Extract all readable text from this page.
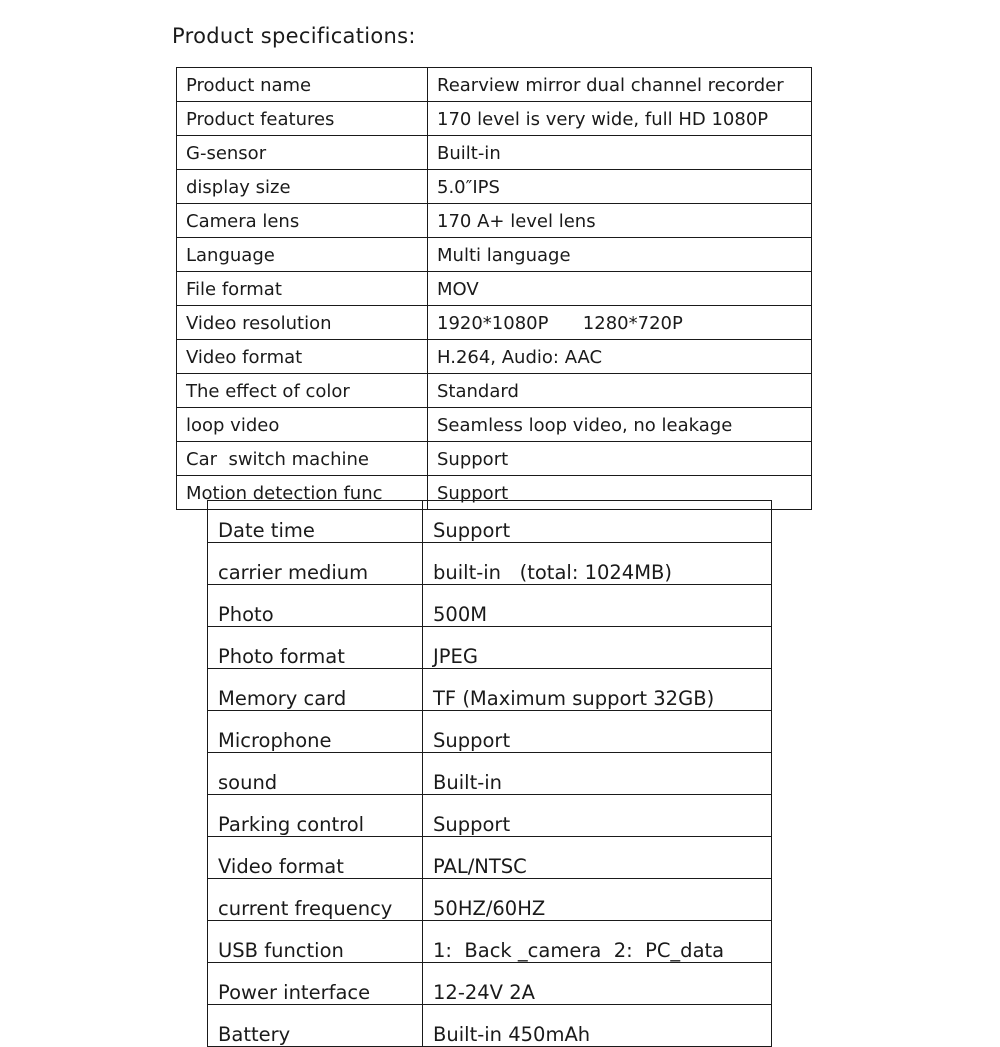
Product specifications:
Product name	Rearview mirror dual channel recorder
Product features	170 level is very wide, full HD 1080P
G-sensor	Built-in
display size	5.0″IPS
Camera lens	170 A+ level lens
Language	Multi language
File format	MOV
Video resolution	1920*1080P      1280*720P
Video format	H.264, Audio: AAC
The effect of color	Standard
loop video	Seamless loop video, no leakage
Car  switch machine	Support
Motion detection func	Support
Date time	Support
carrier medium	built-in   (total: 1024MB)
Photo	500M
Photo format	JPEG
Memory card	TF (Maximum support 32GB)
Microphone	Support
sound	Built-in
Parking control	Support
Video format	PAL/NTSC
current frequency	50HZ/60HZ
USB function	1:  Back _camera  2:  PC_data
Power interface	12-24V 2A
Battery	Built-in 450mAh
